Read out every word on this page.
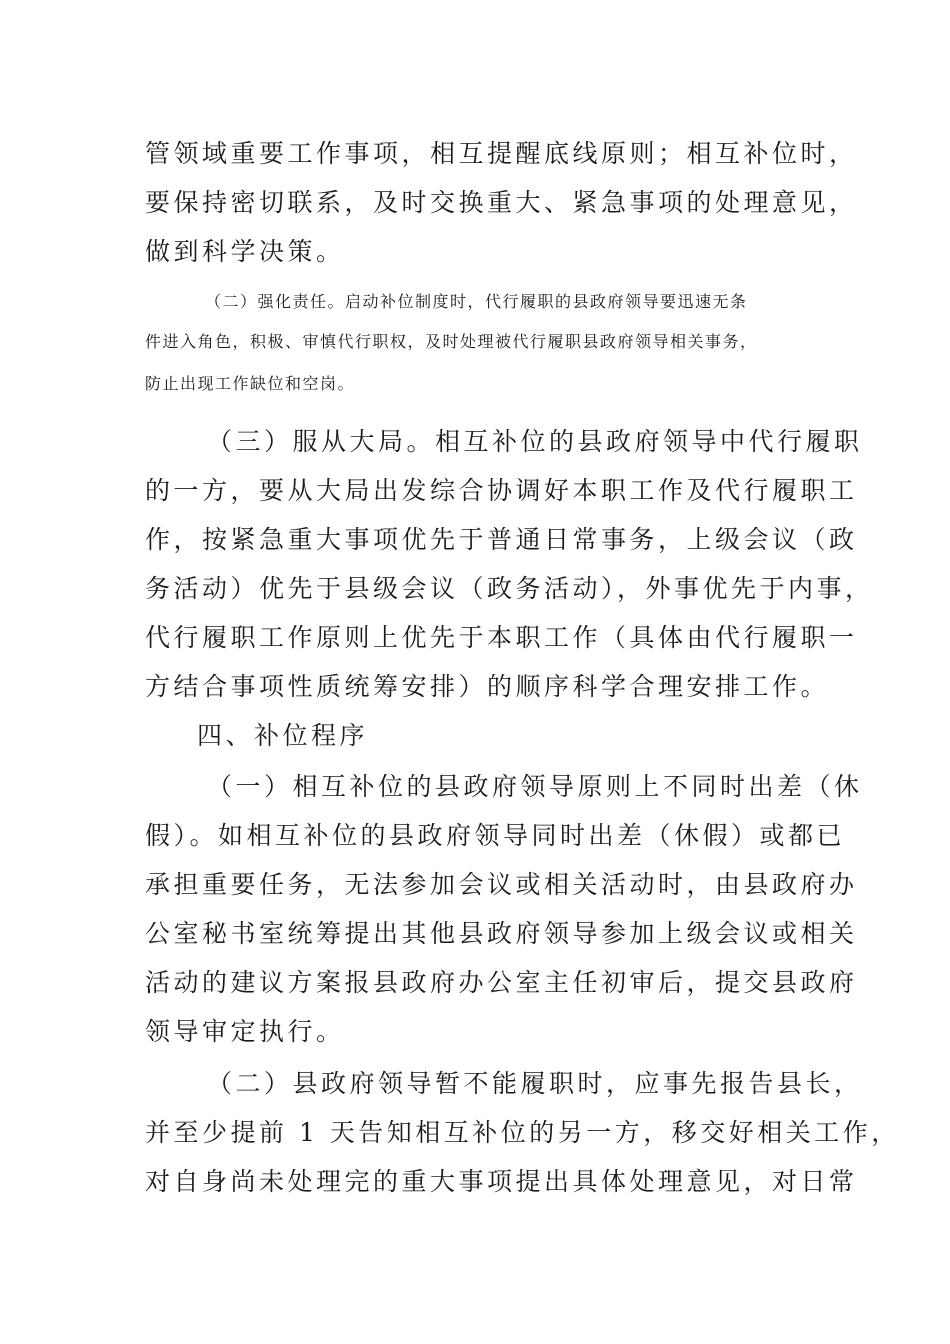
管领域重要工作事项，相互提醒底线原则；相互补位时，

要保持密切联系，及时交换重大、紧急事项的处理意见，

做到科学决策。

（二）强化责任。启动补位制度时，代行履职的县政府领导要迅速无条

件进入角色，积极、审慎代行职权，及时处理被代行履职县政府领导相关事务，

防止出现工作缺位和空岗。

（三）服从大局。相互补位的县政府领导中代行履职

的一方，要从大局出发综合协调好本职工作及代行履职工

作，按紧急重大事项优先于普通日常事务，上级会议（政

务活动）优先于县级会议（政务活动），外事优先于内事，

代行履职工作原则上优先于本职工作（具体由代行履职一

方结合事项性质统筹安排）的顺序科学合理安排工作。

四、补位程序

（一）相互补位的县政府领导原则上不同时出差（休

假）。如相互补位的县政府领导同时出差（休假）或都已

承担重要任务，无法参加会议或相关活动时，由县政府办

公室秘书室统筹提出其他县政府领导参加上级会议或相关

活动的建议方案报县政府办公室主任初审后，提交县政府

领导审定执行。

（二）县政府领导暂不能履职时，应事先报告县长，

并至少提前 1 天告知相互补位的另一方，移交好相关工作，

对自身尚未处理完的重大事项提出具体处理意见，对日常
